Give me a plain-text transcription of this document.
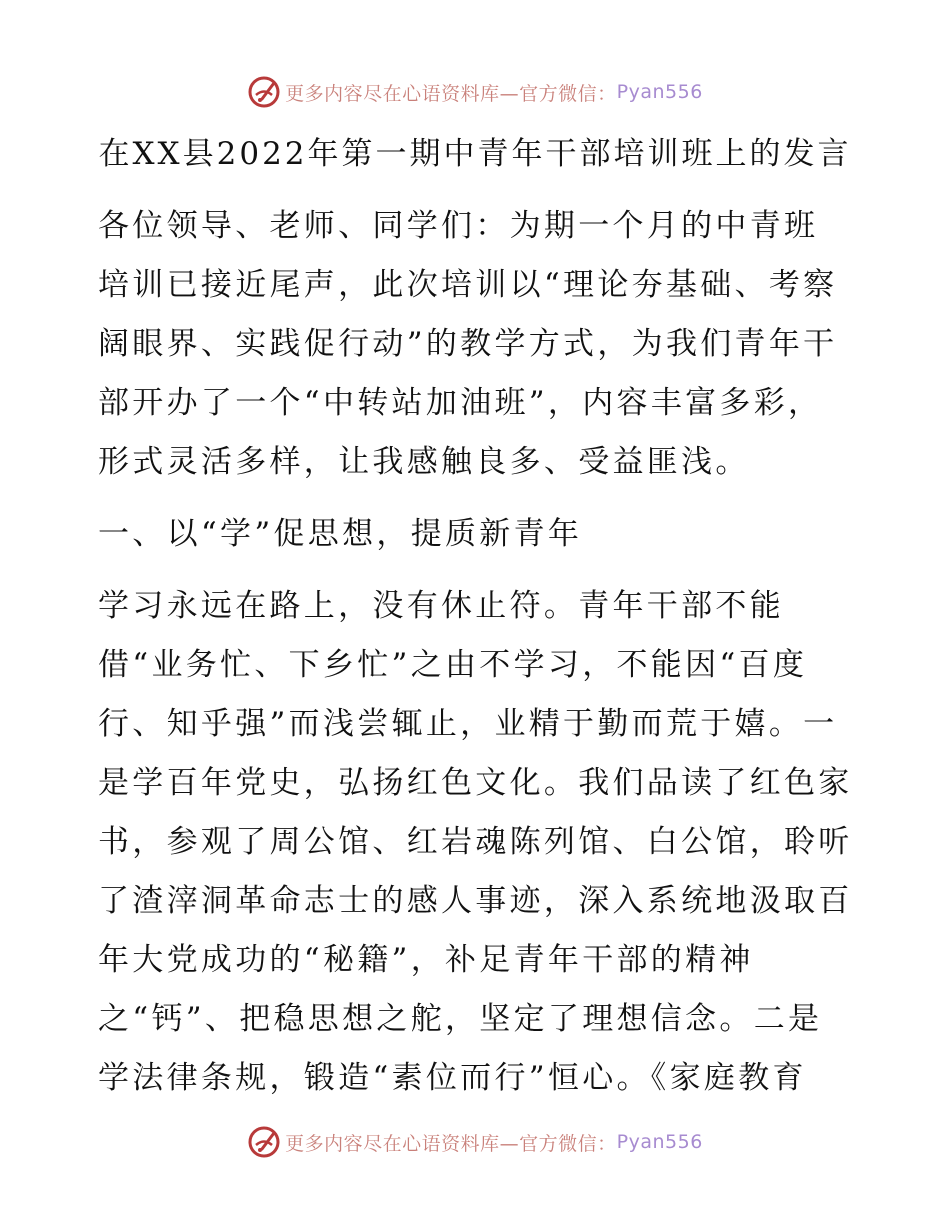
更多内容尽在心语资料库—官方微信： Pyan556
在XX县2022年第一期中青年干部培训班上的发言
各位领导、老师、同学们：为期一个月的中青班
培训已接近尾声，此次培训以“理论夯基础、考察
阔眼界、实践促行动”的教学方式，为我们青年干
部开办了一个“中转站加油班”，内容丰富多彩，
形式灵活多样，让我感触良多、受益匪浅。
一、以“学”促思想，提质新青年
学习永远在路上，没有休止符。青年干部不能
借“业务忙、下乡忙”之由不学习，不能因“百度
行、知乎强”而浅尝辄止，业精于勤而荒于嬉。一
是学百年党史，弘扬红色文化。我们品读了红色家
书，参观了周公馆、红岩魂陈列馆、白公馆，聆听
了渣滓洞革命志士的感人事迹，深入系统地汲取百
年大党成功的“秘籍”，补足青年干部的精神
之“钙”、把稳思想之舵，坚定了理想信念。二是
学法律条规，锻造“素位而行”恒心。《家庭教育
更多内容尽在心语资料库—官方微信： Pyan556
